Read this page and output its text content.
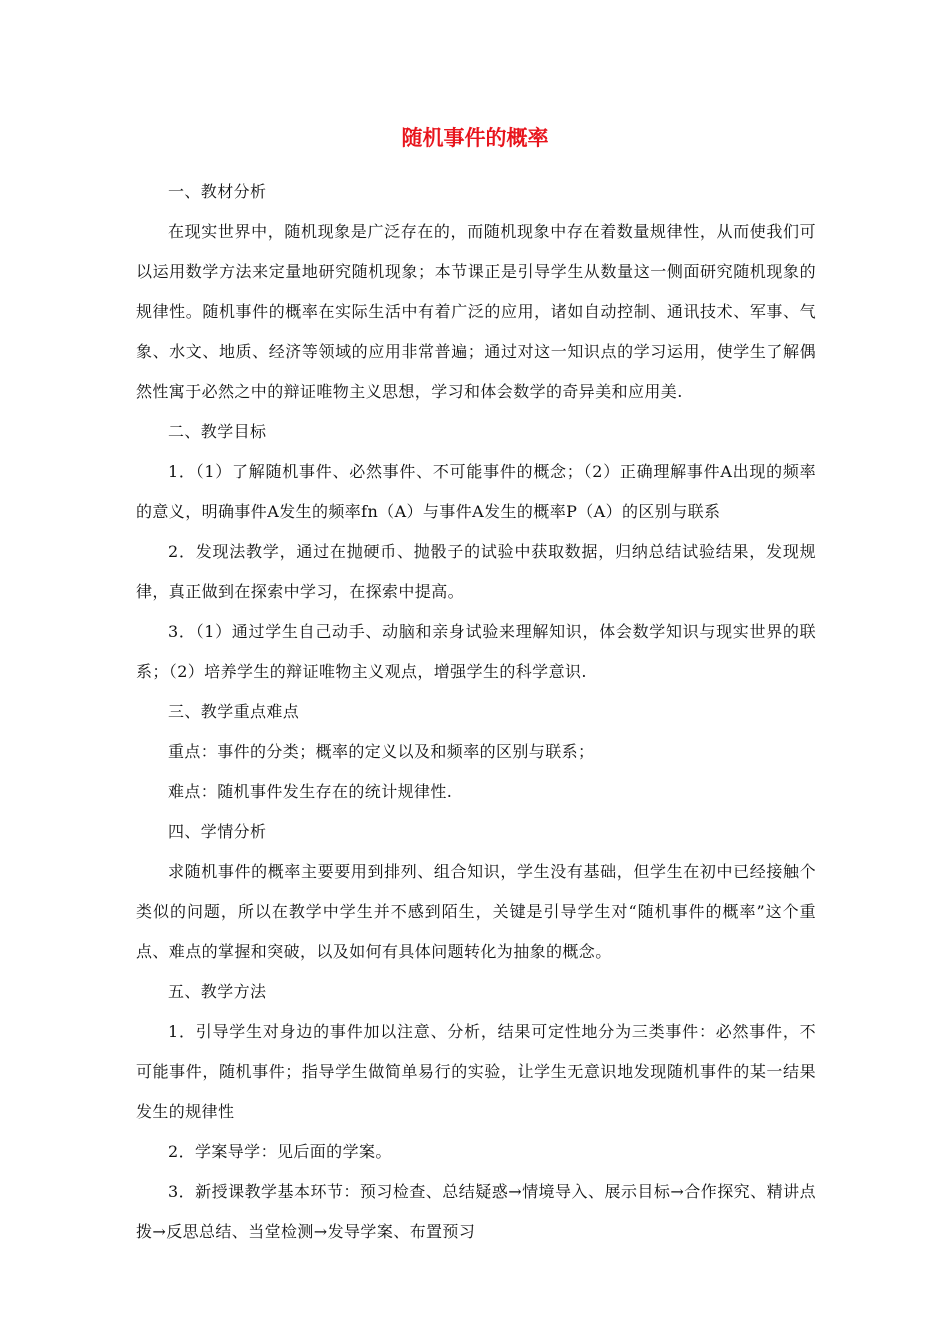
随机事件的概率

一、教材分析

在现实世界中，随机现象是广泛存在的，而随机现象中存在着数量规律性，从而使我们可以运用数学方法来定量地研究随机现象；本节课正是引导学生从数量这一侧面研究随机现象的规律性。随机事件的概率在实际生活中有着广泛的应用，诸如自动控制、通讯技术、军事、气象、水文、地质、经济等领域的应用非常普遍；通过对这一知识点的学习运用，使学生了解偶然性寓于必然之中的辩证唯物主义思想，学习和体会数学的奇异美和应用美.

二、教学目标

1．（1）了解随机事件、必然事件、不可能事件的概念；（2）正确理解事件A出现的频率的意义，明确事件A发生的频率fn（A）与事件A发生的概率P（A）的区别与联系

2．发现法教学，通过在抛硬币、抛骰子的试验中获取数据，归纳总结试验结果，发现规律，真正做到在探索中学习，在探索中提高。

3．（1）通过学生自己动手、动脑和亲身试验来理解知识，体会数学知识与现实世界的联系；（2）培养学生的辩证唯物主义观点，增强学生的科学意识.

三、教学重点难点

重点：事件的分类；概率的定义以及和频率的区别与联系；

难点：随机事件发生存在的统计规律性.

四、学情分析

求随机事件的概率主要要用到排列、组合知识，学生没有基础，但学生在初中已经接触个类似的问题，所以在教学中学生并不感到陌生，关键是引导学生对“随机事件的概率”这个重点、难点的掌握和突破，以及如何有具体问题转化为抽象的概念。

五、教学方法

1．引导学生对身边的事件加以注意、分析，结果可定性地分为三类事件：必然事件，不可能事件，随机事件；指导学生做简单易行的实验，让学生无意识地发现随机事件的某一结果发生的规律性

2．学案导学：见后面的学案。

3．新授课教学基本环节：预习检查、总结疑惑→情境导入、展示目标→合作探究、精讲点拨→反思总结、当堂检测→发导学案、布置预习
